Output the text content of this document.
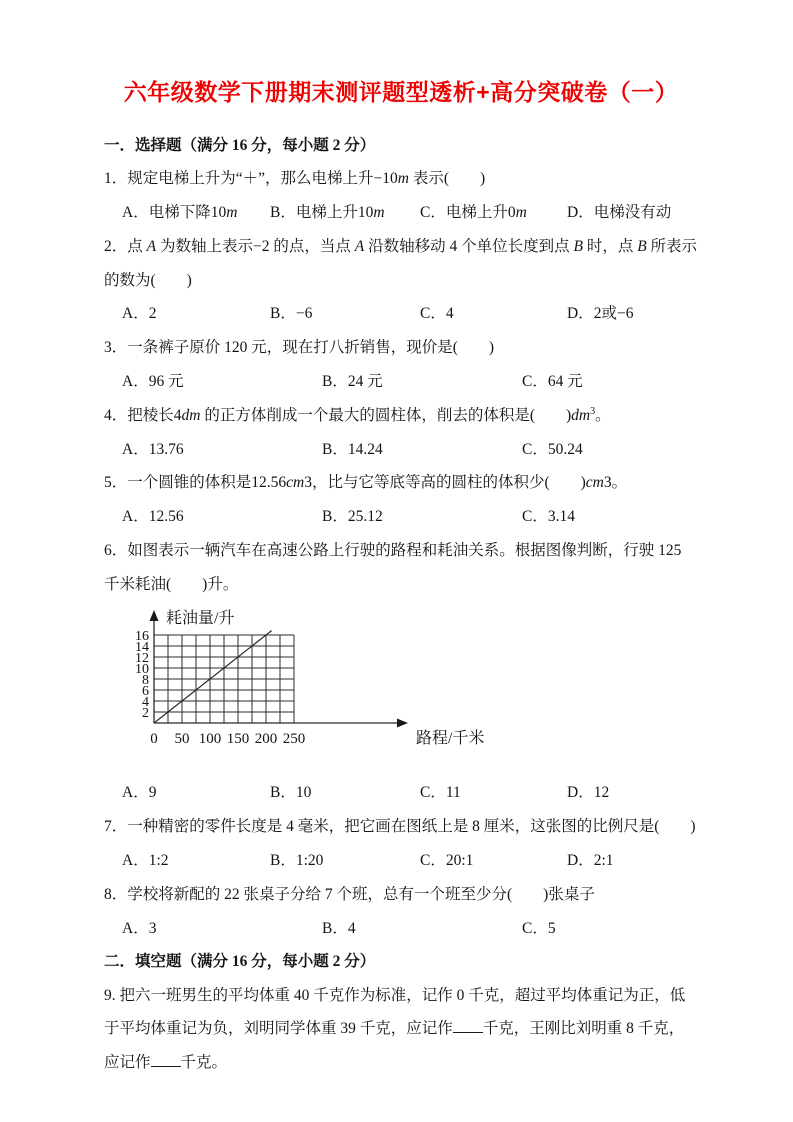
六年级数学下册期末测评题型透析+高分突破卷（一）
一．选择题（满分 16 分，每小题 2 分）

1．规定电梯上升为“＋”，那么电梯上升−10m 表示(　　)

A．电梯下降10m	B．电梯上升10m	C．电梯上升0m	D．电梯没有动

2．点 A 为数轴上表示−2 的点，当点 A 沿数轴移动 4 个单位长度到点 B 时，点 B 所表示的数为(　　)

A．2	B．−6	C．4	D．2或−6

3．一条裤子原价 120 元，现在打八折销售，现价是(　　)

A．96 元	B．24 元	C．64 元

4．把棱长4dm 的正方体削成一个最大的圆柱体，削去的体积是(　　)$dm^3$。

A．13.76	B．14.24	C．50.24

5．一个圆锥的体积是12.56cm3，比与它等底等高的圆柱的体积少(　　)cm3。

A．12.56	B．25.12	C．3.14

6．如图表示一辆汽车在高速公路上行驶的路程和耗油关系。根据图像判断，行驶 125 千米耗油(　　)升。

2
4
6
8
10
12
14
16
0 50 100 150 200 250
耗油量/升
路程/千米
A．9	B．10	C．11	D．12

7．一种精密的零件长度是 4 毫米，把它画在图纸上是 8 厘米，这张图的比例尺是(　　)

A．1:2	B．1:20	C．20:1	D．2:1

8．学校将新配的 22 张桌子分给 7 个班，总有一个班至少分(　　)张桌子

A．3	B．4	C．5
二．填空题（满分 16 分，每小题 2 分）

9. 把六一班男生的平均体重 40 千克作为标准，记作 0 千克，超过平均体重记为正，低于平均体重记为负，刘明同学体重 39 千克，应记作 千克，王刚比刘明重 8 千克，应记作 千克。
